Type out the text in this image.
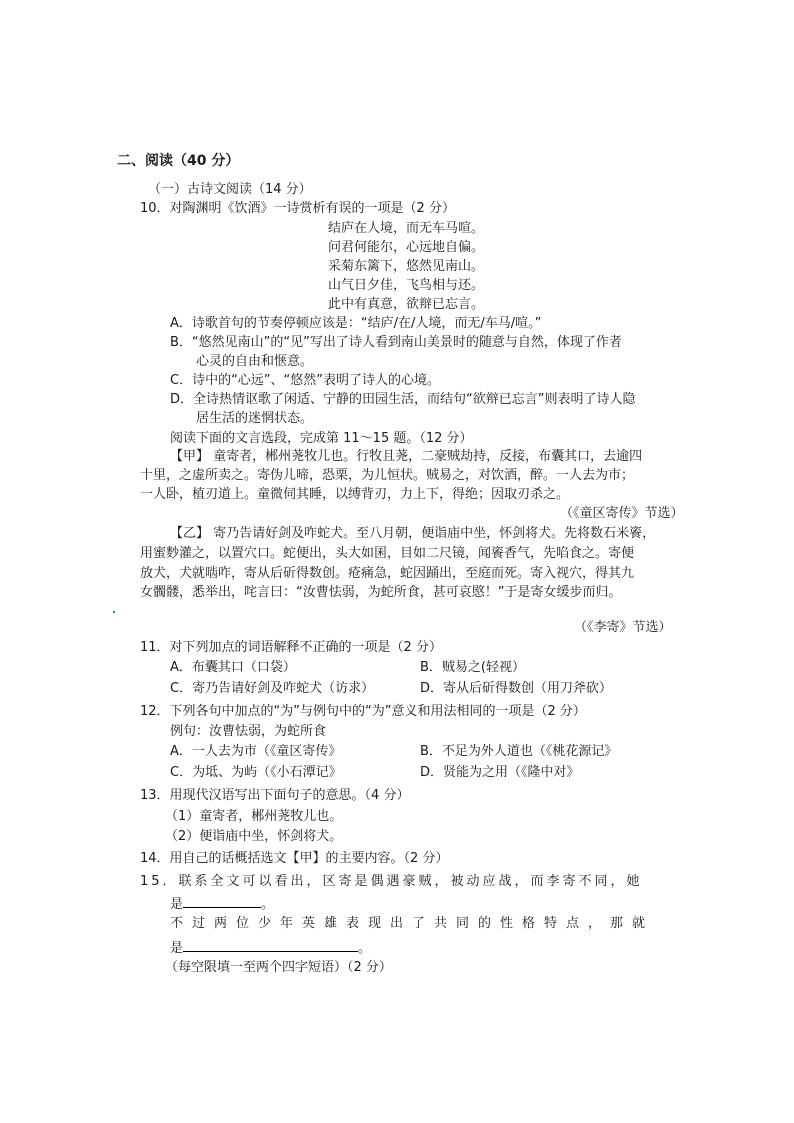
二、阅读（40 分）
（一）古诗文阅读（14 分）
10．对陶渊明《饮酒》一诗赏析有误的一项是（2 分）
结庐在人境，而无车马喧。
问君何能尔，心远地自偏。
采菊东篱下，悠然见南山。
山气日夕佳，飞鸟相与还。
此中有真意，欲辩已忘言。
A．诗歌首句的节奏停顿应该是：“结庐/在/人境，而无/车马/喧。”
B．“悠然见南山”的“见”写出了诗人看到南山美景时的随意与自然，体现了作者
心灵的自由和惬意。
C．诗中的“心远”、“悠然”表明了诗人的心境。
D．全诗热情讴歌了闲适、宁静的田园生活，而结句“欲辩已忘言”则表明了诗人隐
居生活的迷惘状态。
阅读下面的文言选段，完成第 11～15 题。（12 分）
【甲】 童寄者，郴州荛牧儿也。行牧且荛，二豪贼劫持，反接，布囊其口，去逾四
十里，之虚所卖之。寄伪儿啼，恐栗，为儿恒状。贼易之，对饮酒，醉。一人去为市；
一人卧，植刃道上。童微伺其睡，以缚背刃，力上下，得绝；因取刃杀之。
（《童区寄传》节选）
【乙】 寄乃告请好剑及咋蛇犬。至八月朝，便诣庙中坐，怀剑将犬。先将数石米餈，
用蜜麨灌之，以置穴口。蛇便出，头大如囷，目如二尺镜，闻餈香气，先啗食之。寄便
放犬，犬就啮咋，寄从后斫得数创。疮痛急，蛇因踊出，至庭而死。寄入视穴，得其九
女髑髅，悉举出，咤言曰：“汝曹怯弱，为蛇所食，甚可哀愍！”于是寄女缓步而归。
（《李寄》节选）
11．对下列加点的词语解释不正确的一项是（2 分）
A．布囊其口（口袋）	B．贼易之(轻视）
C．寄乃告请好剑及咋蛇犬（访求）	D．寄从后斫得数创（用刀斧砍）
12．下列各句中加点的“为”与例句中的“为”意义和用法相同的一项是（2 分）
例句：汝曹怯弱，为蛇所食
A．一人去为市（《童区寄传》	B．不足为外人道也（《桃花源记》
C．为坻、为屿（《小石潭记》	D．贤能为之用（《隆中对》
13．用现代汉语写出下面句子的意思。（4 分）
（1）童寄者，郴州荛牧儿也。
（2）便诣庙中坐，怀剑将犬。
14．用自己的话概括选文【甲】的主要内容。（2 分）
15．联系全文可以看出，区寄是偶遇豪贼，被动应战，而李寄不同，她
是	。
不过两位少年英雄表现出了共同的性格特点，那就
是	。
（每空限填一至两个四字短语）（2 分）
